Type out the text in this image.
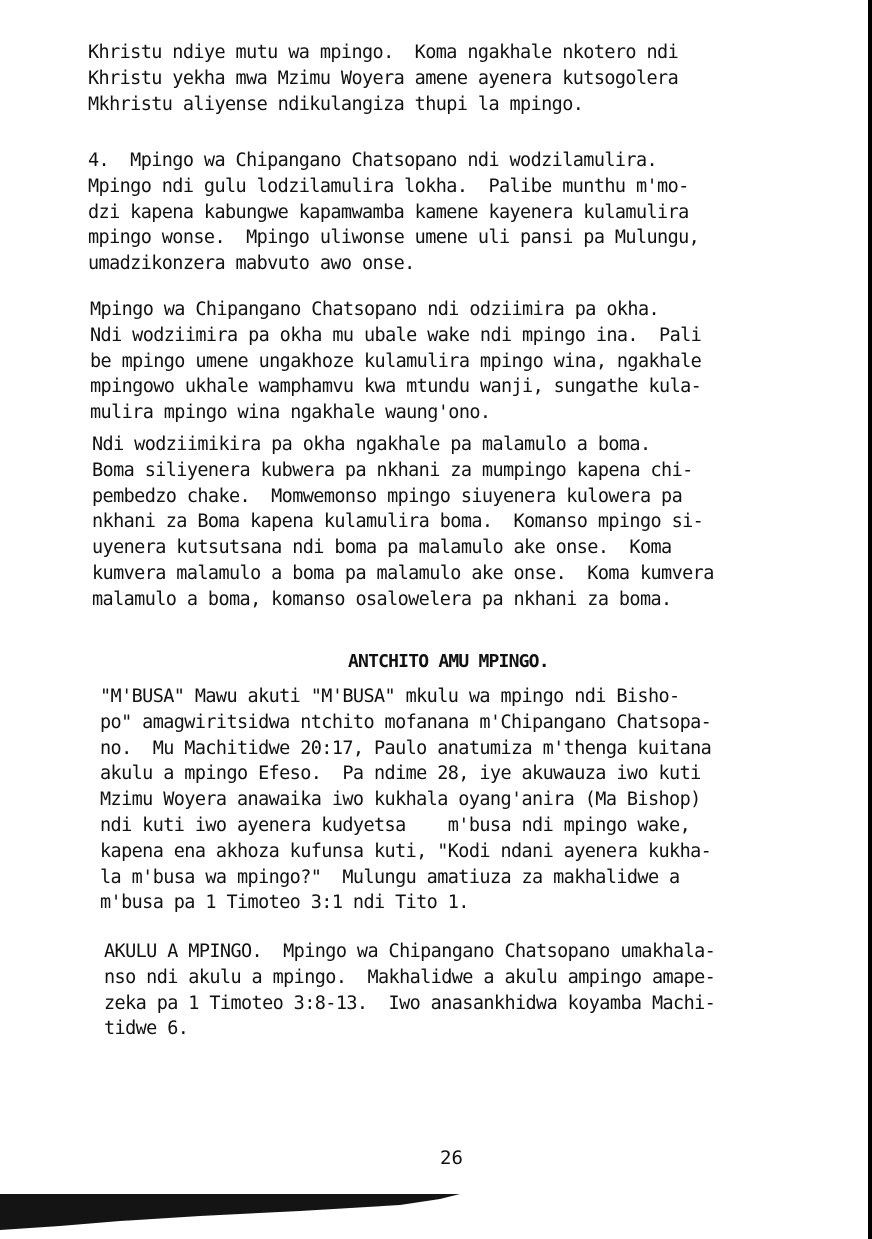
Khristu ndiye mutu wa mpingo.  Koma ngakhale nkotero ndi
Khristu yekha mwa Mzimu Woyera amene ayenera kutsogolera
Mkhristu aliyense ndikulangiza thupi la mpingo.

4.  Mpingo wa Chipangano Chatsopano ndi wodzilamulira.
Mpingo ndi gulu lodzilamulira lokha.  Palibe munthu m'mo-
dzi kapena kabungwe kapamwamba kamene kayenera kulamulira
mpingo wonse.  Mpingo uliwonse umene uli pansi pa Mulungu,
umadzikonzera mabvuto awo onse.

Mpingo wa Chipangano Chatsopano ndi odziimira pa okha.
Ndi wodziimira pa okha mu ubale wake ndi mpingo ina.  Pali
be mpingo umene ungakhoze kulamulira mpingo wina, ngakhale
mpingowo ukhale wamphamvu kwa mtundu wanji, sungathe kula-
mulira mpingo wina ngakhale waung'ono.

Ndi wodziimikira pa okha ngakhale pa malamulo a boma.
Boma siliyenera kubwera pa nkhani za mumpingo kapena chi-
pembedzo chake.  Momwemonso mpingo siuyenera kulowera pa
nkhani za Boma kapena kulamulira boma.  Komanso mpingo si-
uyenera kutsutsana ndi boma pa malamulo ake onse.  Koma
kumvera malamulo a boma pa malamulo ake onse.  Koma kumvera
malamulo a boma, komanso osalowelera pa nkhani za boma.

ANTCHITO AMU MPINGO.

"M'BUSA" Mawu akuti "M'BUSA" mkulu wa mpingo ndi Bisho-
po" amagwiritsidwa ntchito mofanana m'Chipangano Chatsopa-
no.  Mu Machitidwe 20:17, Paulo anatumiza m'thenga kuitana
akulu a mpingo Efeso.  Pa ndime 28, iye akuwauza iwo kuti
Mzimu Woyera anawaika iwo kukhala oyang'anira (Ma Bishop)
ndi kuti iwo ayenera kudyetsa    m'busa ndi mpingo wake,
kapena ena akhoza kufunsa kuti, "Kodi ndani ayenera kukha-
la m'busa wa mpingo?"  Mulungu amatiuza za makhalidwe a
m'busa pa 1 Timoteo 3:1 ndi Tito 1.

AKULU A MPINGO.  Mpingo wa Chipangano Chatsopano umakhala-
nso ndi akulu a mpingo.  Makhalidwe a akulu ampingo amape-
zeka pa 1 Timoteo 3:8-13.  Iwo anasankhidwa koyamba Machi-
tidwe 6.

26
